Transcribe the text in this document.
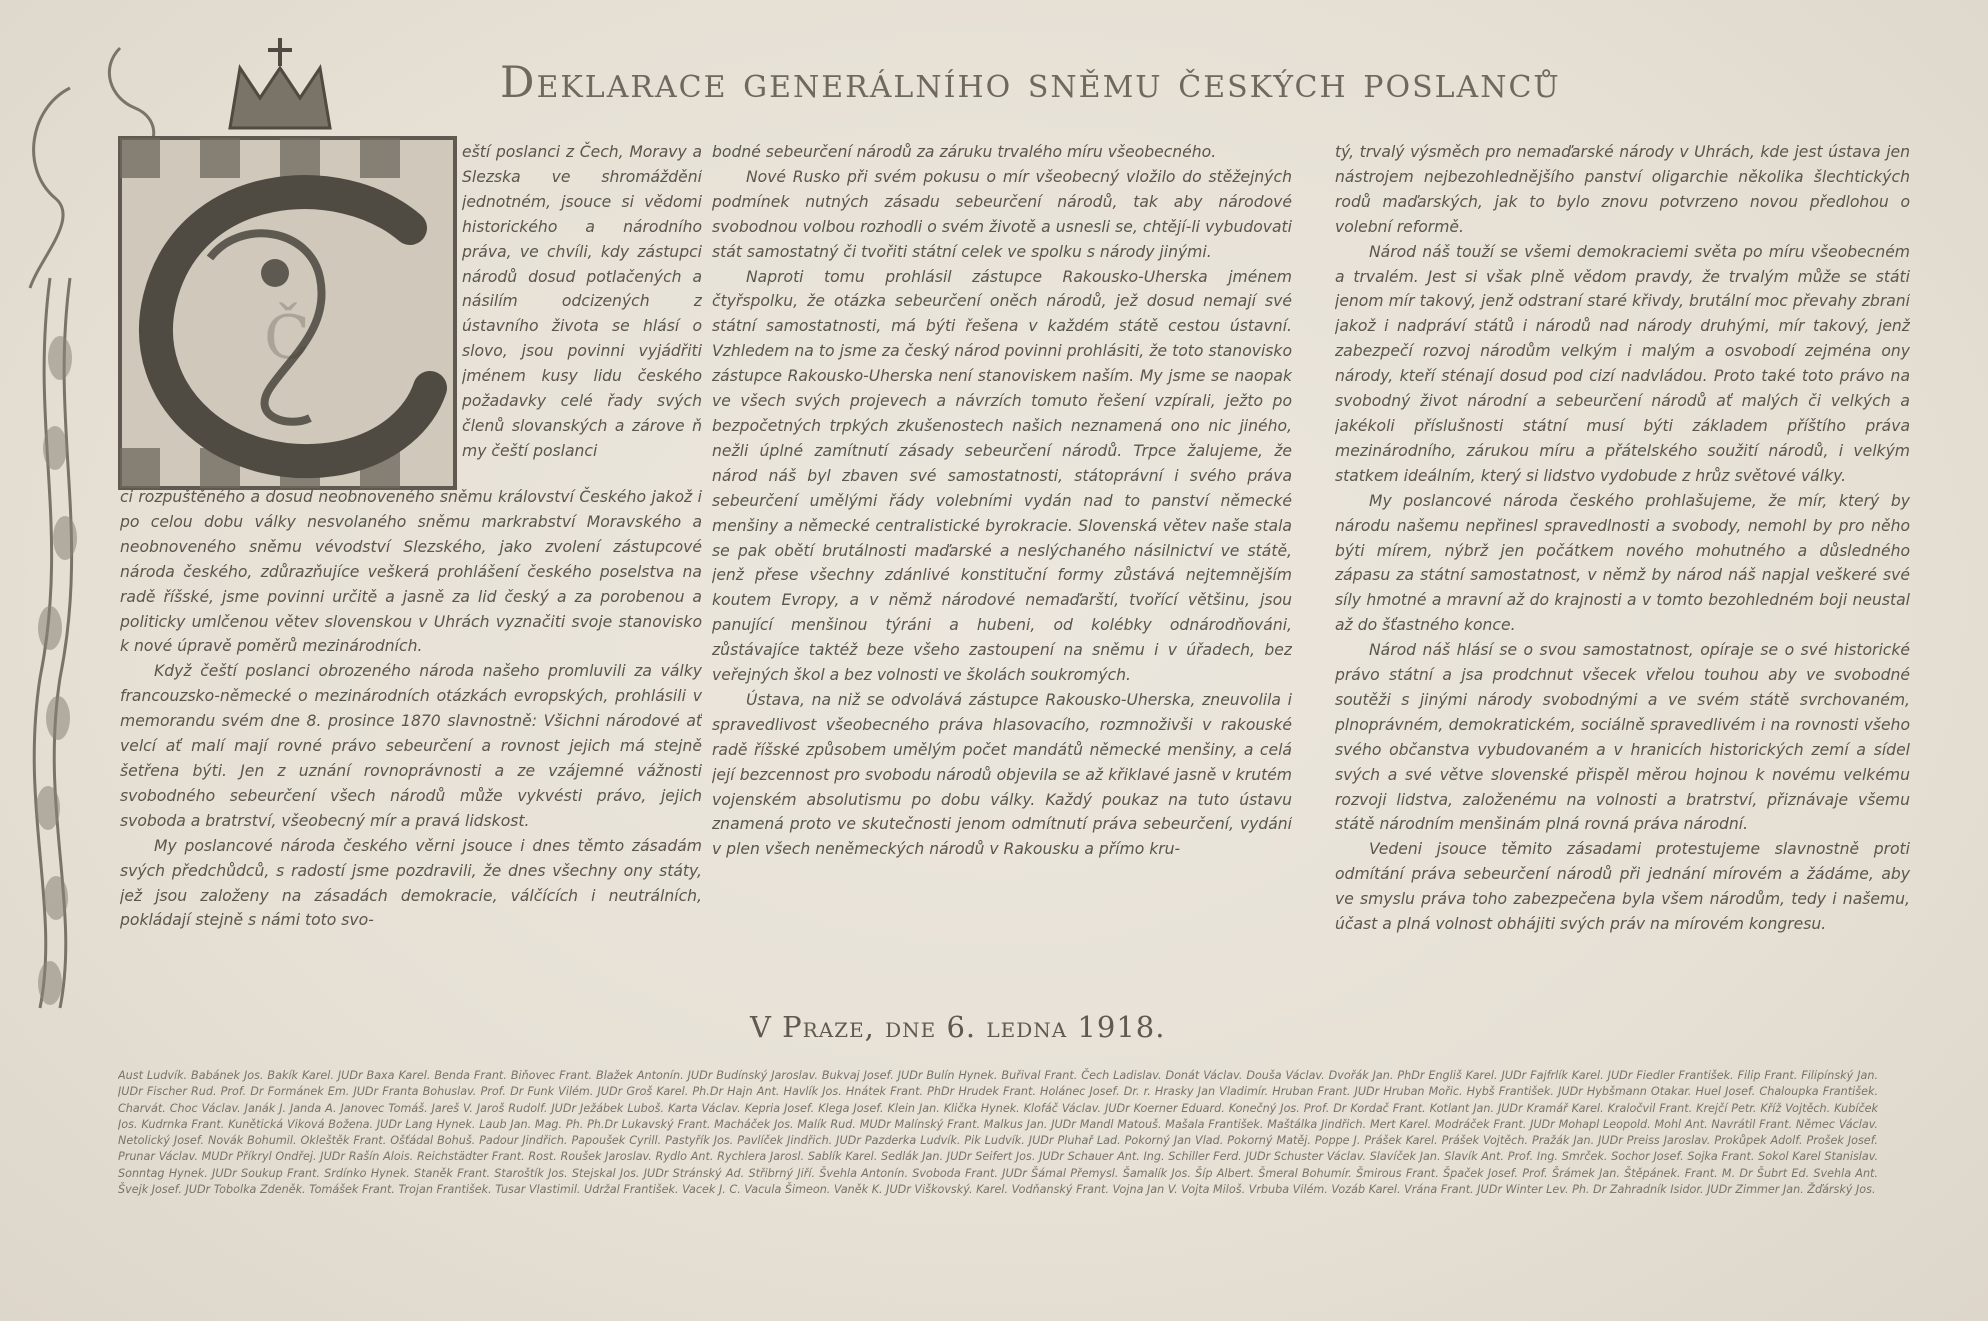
Č
Deklarace generálního sněmu českých poslanců

eští poslanci z Čech, Moravy a Slezska ve shromáždění jednotném, jsouce si vědomi historického a národního práva, ve chvíli, kdy zástupci národů dosud potlačených a násilím odcizených z ústavního života se hlásí o slovo, jsou povinni vyjádřiti jménem kusy lidu českého požadavky celé řady svých členů slovanských a zárove ň my čeští poslanci

ci rozpuštěného a dosud neobnoveného sněmu království Českého jakož i po celou dobu války nesvolaného sněmu markrabství Moravského a neobnoveného sněmu vévodství Slezského, jako zvolení zástupcové národa českého, zdůrazňujíce veškerá prohlášení českého poselstva na radě říšské, jsme povinni určitě a jasně za lid český a za porobenou a politicky umlčenou větev slovenskou v Uhrách vyznačiti svoje stanovisko k nové úpravě poměrů mezinárodních.

Když čeští poslanci obrozeného národa našeho promluvili za války francouzsko-německé o mezinárodních otázkách evropských, prohlásili v memorandu svém dne 8. prosince 1870 slavnostně: Všichni národové ať velcí ať malí mají rovné právo sebeurčení a rovnost jejich má stejně šetřena býti. Jen z uznání rovnoprávnosti a ze vzájemné vážnosti svobodného sebeurčení všech národů může vykvésti právo, jejich svoboda a bratrství, všeobecný mír a pravá lidskost.

My poslancové národa českého věrni jsouce i dnes těmto zásadám svých předchůdců, s radostí jsme pozdravili, že dnes všechny ony státy, jež jsou založeny na zásadách demokracie, válčících i neutrálních, pokládají stejně s námi toto svo-

bodné sebeurčení národů za záruku trvalého míru všeobecného.

Nové Rusko při svém pokusu o mír všeobecný vložilo do stěžejných podmínek nutných zásadu sebeurčení národů, tak aby národové svobodnou volbou rozhodli o svém životě a usnesli se, chtějí-li vybudovati stát samostatný či tvořiti státní celek ve spolku s národy jinými.

Naproti tomu prohlásil zástupce Rakousko-Uherska jménem čtyřspolku, že otázka sebeurčení oněch národů, jež dosud nemají své státní samostatnosti, má býti řešena v každém státě cestou ústavní. Vzhledem na to jsme za český národ povinni prohlásiti, že toto stanovisko zástupce Rakousko-Uherska není stanoviskem naším. My jsme se naopak ve všech svých projevech a návrzích tomuto řešení vzpírali, ježto po bezpočetných trpkých zkušenostech našich neznamená ono nic jiného, nežli úplné zamítnutí zásady sebeurčení národů. Trpce žalujeme, že národ náš byl zbaven své samostatnosti, státoprávní i svého práva sebeurčení umělými řády volebními vydán nad to panství německé menšiny a německé centralistické byrokracie. Slovenská větev naše stala se pak obětí brutálnosti maďarské a neslýchaného násilnictví ve státě, jenž přese všechny zdánlivé konstituční formy zůstává nejtemnějším koutem Evropy, a v němž národové nemaďarští, tvořící většinu, jsou panující menšinou týráni a hubeni, od kolébky odnárodňováni, zůstávajíce taktéž beze všeho zastoupení na sněmu i v úřadech, bez veřejných škol a bez volnosti ve školách soukromých.

Ústava, na niž se odvolává zástupce Rakousko-Uherska, zneuvolila i spravedlivost všeobecného práva hlasovacího, rozmnoživši v rakouské radě říšské způsobem umělým počet mandátů německé menšiny, a celá její bezcennost pro svobodu národů objevila se až křiklavé jasně v krutém vojenském absolutismu po dobu války. Každý poukaz na tuto ústavu znamená proto ve skutečnosti jenom odmítnutí práva sebeurčení, vydání v plen všech neněmeckých národů v Rakousku a přímo kru-

tý, trvalý výsměch pro nemaďarské národy v Uhrách, kde jest ústava jen nástrojem nejbezohlednějšího panství oligarchie několika šlechtických rodů maďarských, jak to bylo znovu potvrzeno novou předlohou o volební reformě.

Národ náš touží se všemi demokraciemi světa po míru všeobecném a trvalém. Jest si však plně vědom pravdy, že trvalým může se státi jenom mír takový, jenž odstraní staré křivdy, brutální moc převahy zbraní jakož i nadpráví států i národů nad národy druhými, mír takový, jenž zabezpečí rozvoj národům velkým i malým a osvobodí zejména ony národy, kteří sténají dosud pod cizí nadvládou. Proto také toto právo na svobodný život národní a sebeurčení národů ať malých či velkých a jakékoli příslušnosti státní musí býti základem příštího práva mezinárodního, zárukou míru a přátelského soužití národů, i velkým statkem ideálním, který si lidstvo vydobude z hrůz světové války.

My poslancové národa českého prohlašujeme, že mír, který by národu našemu nepřinesl spravedlnosti a svobody, nemohl by pro něho býti mírem, nýbrž jen počátkem nového mohutného a důsledného zápasu za státní samostatnost, v němž by národ náš napjal veškeré své síly hmotné a mravní až do krajnosti a v tomto bezohledném boji neustal až do šťastného konce.

Národ náš hlásí se o svou samostatnost, opíraje se o své historické právo státní a jsa prodchnut všecek vřelou touhou aby ve svobodné soutěži s jinými národy svobodnými a ve svém státě svrchovaném, plnoprávném, demokratickém, sociálně spravedlivém i na rovnosti všeho svého občanstva vybudovaném a v hranicích historických zemí a sídel svých a své větve slovenské přispěl měrou hojnou k novému velkému rozvoji lidstva, založenému na volnosti a bratrství, přiznávaje všemu státě národním menšinám plná rovná práva národní.

Vedeni jsouce těmito zásadami protestujeme slavnostně proti odmítání práva sebeurčení národů při jednání mírovém a žádáme, aby ve smyslu práva toho zabezpečena byla všem národům, tedy i našemu, účast a plná volnost obhájiti svých práv na mírovém kongresu.

V Praze, dne 6. ledna 1918.
Aust Ludvík. Babánek Jos. Bakík Karel. JUDr Baxa Karel. Benda Frant. Biňovec Frant. Blažek Antonín. JUDr Budínský Jaroslav. Bukvaj Josef. JUDr Bulín Hynek. Buřival Frant. Čech Ladislav. Donát Václav. Douša Václav. Dvořák Jan. PhDr Engliš Karel. JUDr Fajfrlík Karel. JUDr Fiedler František. Filip Frant. Filipínský Jan. JUDr Fischer Rud. Prof. Dr Formánek Em. JUDr Franta Bohuslav. Prof. Dr Funk Vilém. JUDr Groš Karel. Ph.Dr Hajn Ant. Havlík Jos. Hnátek Frant. PhDr Hrudek Frant. Holánec Josef. Dr. r. Hrasky Jan Vladimír. Hruban Frant. JUDr Hruban Mořic. Hybš František. JUDr Hybšmann Otakar. Huel Josef. Chaloupka František. Charvát. Choc Václav. Janák J. Janda A. Janovec Tomáš. Jareš V. Jaroš Rudolf. JUDr Ježábek Luboš. Karta Václav. Kepria Josef. Klega Josef. Klein Jan. Klička Hynek. Klofáč Václav. JUDr Koerner Eduard. Konečný Jos. Prof. Dr Kordač Frant. Kotlant Jan. JUDr Kramář Karel. Kraločvil Frant. Krejčí Petr. Kříž Vojtěch. Kubíček Jos. Kudrnka Frant. Kunětická Viková Božena. JUDr Lang Hynek. Laub Jan. Mag. Ph. Ph.Dr Lukavský Frant. Macháček Jos. Malík Rud. MUDr Malínský Frant. Malkus Jan. JUDr Mandl Matouš. Mašala František. Maštálka Jindřich. Mert Karel. Modráček Frant. JUDr Mohapl Leopold. Mohl Ant. Navrátil Frant. Němec Václav. Netolický Josef. Novák Bohumil. Okleštěk Frant. Ošťádal Bohuš. Padour Jindřich. Papoušek Cyrill. Pastyřík Jos. Pavlíček Jindřich. JUDr Pazderka Ludvík. Pik Ludvík. JUDr Pluhař Lad. Pokorný Jan Vlad. Pokorný Matěj. Poppe J. Prášek Karel. Prášek Vojtěch. Pražák Jan. JUDr Preiss Jaroslav. Prokůpek Adolf. Prošek Josef. Prunar Václav. MUDr Příkryl Ondřej. JUDr Rašín Alois. Reichstädter Frant. Rost. Roušek Jaroslav. Rydlo Ant. Rychlera Jarosl. Sablík Karel. Sedlák Jan. JUDr Seifert Jos. JUDr Schauer Ant. Ing. Schiller Ferd. JUDr Schuster Václav. Slavíček Jan. Slavík Ant. Prof. Ing. Smrček. Sochor Josef. Sojka Frant. Sokol Karel Stanislav. Sonntag Hynek. JUDr Soukup Frant. Srdínko Hynek. Staněk Frant. Staroštík Jos. Stejskal Jos. JUDr Stránský Ad. Střibrný Jiří. Švehla Antonín. Svoboda Frant. JUDr Šámal Přemysl. Šamalík Jos. Šíp Albert. Šmeral Bohumír. Šmirous Frant. Špaček Josef. Prof. Šrámek Jan. Štěpánek. Frant. M. Dr Šubrt Ed. Svehla Ant. Švejk Josef. JUDr Tobolka Zdeněk. Tomášek Frant. Trojan František. Tusar Vlastimil. Udržal František. Vacek J. C. Vacula Šimeon. Vaněk K. JUDr Viškovský. Karel. Vodňanský Frant. Vojna Jan V. Vojta Miloš. Vrbuba Vilém. Vozáb Karel. Vrána Frant. JUDr Winter Lev. Ph. Dr Zahradník Isidor. JUDr Zimmer Jan. Žďárský Jos.
